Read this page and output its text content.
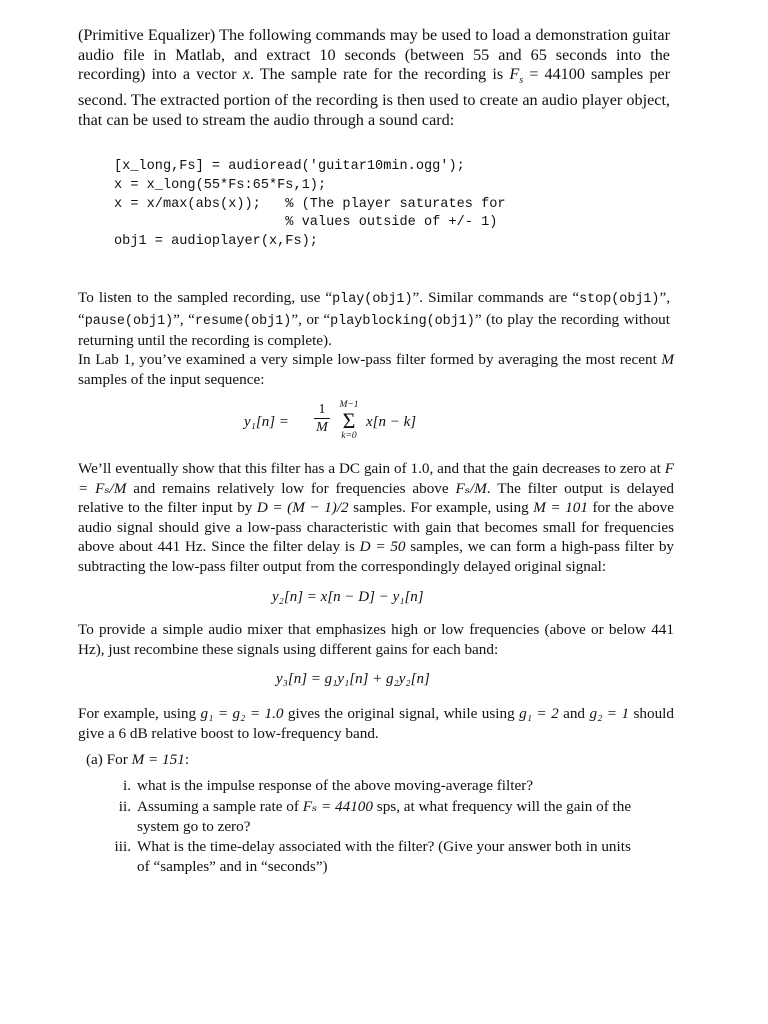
(Primitive Equalizer) The following commands may be used to load a demonstration guitar audio file in Matlab, and extract 10 seconds (between 55 and 65 seconds into the recording) into a vector x. The sample rate for the recording is $F_s = 44100$ samples per second. The extracted portion of the recording is then used to create an audio player object, that can be used to stream the audio through a sound card:
[x_long,Fs] = audioread('guitar10min.ogg');
x = x_long(55*Fs:65*Fs,1);
x = x/max(abs(x));   % (The player saturates for
% values outside of +/- 1)
obj1 = audioplayer(x,Fs);
To listen to the sampled recording, use “play(obj1)”. Similar commands are “stop(obj1)”, “pause(obj1)”, “resume(obj1)”, or “playblocking(obj1)” (to play the recording without returning until the recording is complete).
In Lab 1, you’ve examined a very simple low-pass filter formed by averaging the most recent M samples of the input sequence:
y₁[n] =
1
M
M−1
Σ
k=0
x[n − k]
We’ll eventually show that this filter has a DC gain of 1.0, and that the gain decreases to zero at F = Fₛ/M and remains relatively low for frequencies above Fₛ/M. The filter output is delayed relative to the filter input by D = (M − 1)/2 samples. For example, using M = 101 for the above audio signal should give a low-pass characteristic with gain that becomes small for frequencies above about 441 Hz. Since the filter delay is D = 50 samples, we can form a high-pass filter by subtracting the low-pass filter output from the correspondingly delayed original signal:
y₂[n] = x[n − D] − y₁[n]
To provide a simple audio mixer that emphasizes high or low frequencies (above or below 441 Hz), just recombine these signals using different gains for each band:
y₃[n] = g₁y₁[n] + g₂y₂[n]
For example, using g₁ = g₂ = 1.0 gives the original signal, while using g₁ = 2 and g₂ = 1 should give a 6 dB relative boost to low-frequency band.
(a) For M = 151:
i. what is the impulse response of the above moving-average filter?
ii. Assuming a sample rate of Fₛ = 44100 sps, at what frequency will the gain of the system go to zero?
iii. What is the time-delay associated with the filter? (Give your answer both in units of “samples” and in “seconds”)
